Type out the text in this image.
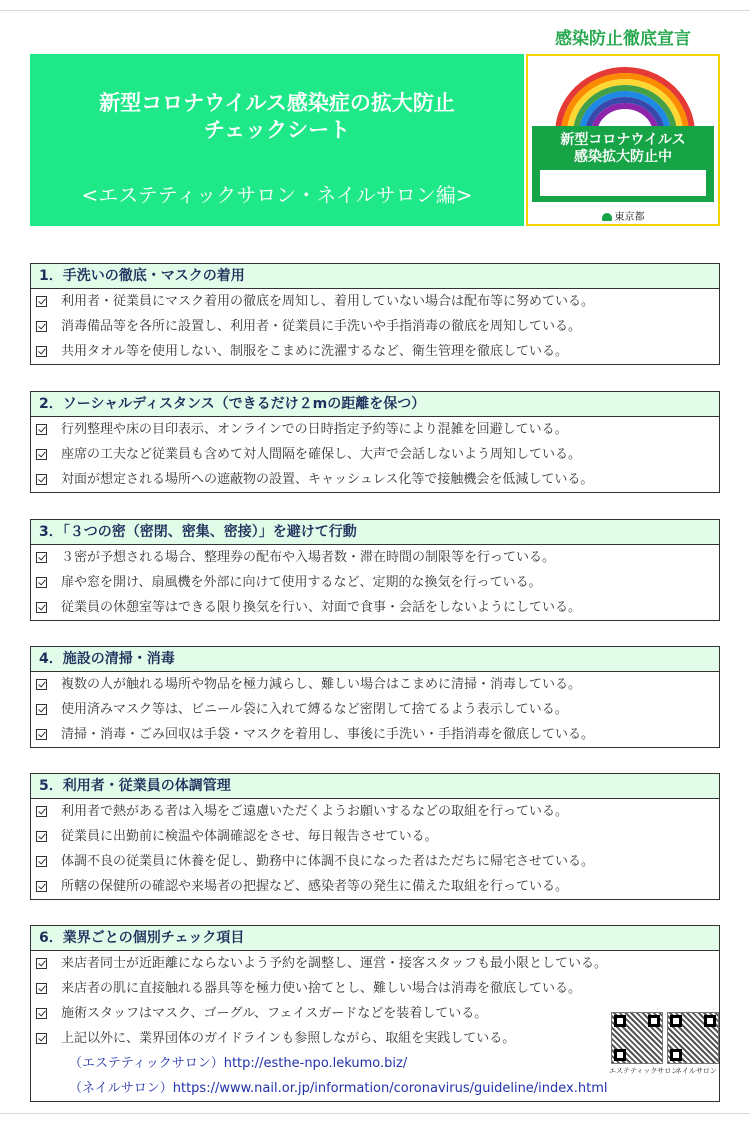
新型コロナウイルス感染症の拡大防止
チェックシート
<エステティックサロン・ネイルサロン編>
感染防止徹底宣言
新型コロナウイルス
感染拡大防止中
東京都
1．手洗いの徹底・マスクの着用
利用者・従業員にマスク着用の徹底を周知し、着用していない場合は配布等に努めている。
消毒備品等を各所に設置し、利用者・従業員に手洗いや手指消毒の徹底を周知している。
共用タオル等を使用しない、制服をこまめに洗濯するなど、衛生管理を徹底している。
2．ソーシャルディスタンス（できるだけ２mの距離を保つ）
行列整理や床の目印表示、オンラインでの日時指定予約等により混雑を回避している。
座席の工夫など従業員も含めて対人間隔を確保し、大声で会話しないよう周知している。
対面が想定される場所への遮蔽物の設置、キャッシュレス化等で接触機会を低減している。
3．「３つの密（密閉、密集、密接）」を避けて行動
３密が予想される場合、整理券の配布や入場者数・滞在時間の制限等を行っている。
扉や窓を開け、扇風機を外部に向けて使用するなど、定期的な換気を行っている。
従業員の休憩室等はできる限り換気を行い、対面で食事・会話をしないようにしている。
4．施設の清掃・消毒
複数の人が触れる場所や物品を極力減らし、難しい場合はこまめに清掃・消毒している。
使用済みマスク等は、ビニール袋に入れて縛るなど密閉して捨てるよう表示している。
清掃・消毒・ごみ回収は手袋・マスクを着用し、事後に手洗い・手指消毒を徹底している。
5．利用者・従業員の体調管理
利用者で熱がある者は入場をご遠慮いただくようお願いするなどの取組を行っている。
従業員に出勤前に検温や体調確認をさせ、毎日報告させている。
体調不良の従業員に休養を促し、勤務中に体調不良になった者はただちに帰宅させている。
所轄の保健所の確認や来場者の把握など、感染者等の発生に備えた取組を行っている。
6．業界ごとの個別チェック項目
来店者同士が近距離にならないよう予約を調整し、運営・接客スタッフも最小限としている。
来店者の肌に直接触れる器具等を極力使い捨てとし、難しい場合は消毒を徹底している。
施術スタッフはマスク、ゴーグル、フェイスガードなどを装着している。
上記以外に、業界団体のガイドラインも参照しながら、取組を実践している。
（エステティックサロン）http://esthe-npo.lekumo.biz/
（ネイルサロン）https://www.nail.or.jp/information/coronavirus/guideline/index.html
エステティックサロン
ネイルサロン
